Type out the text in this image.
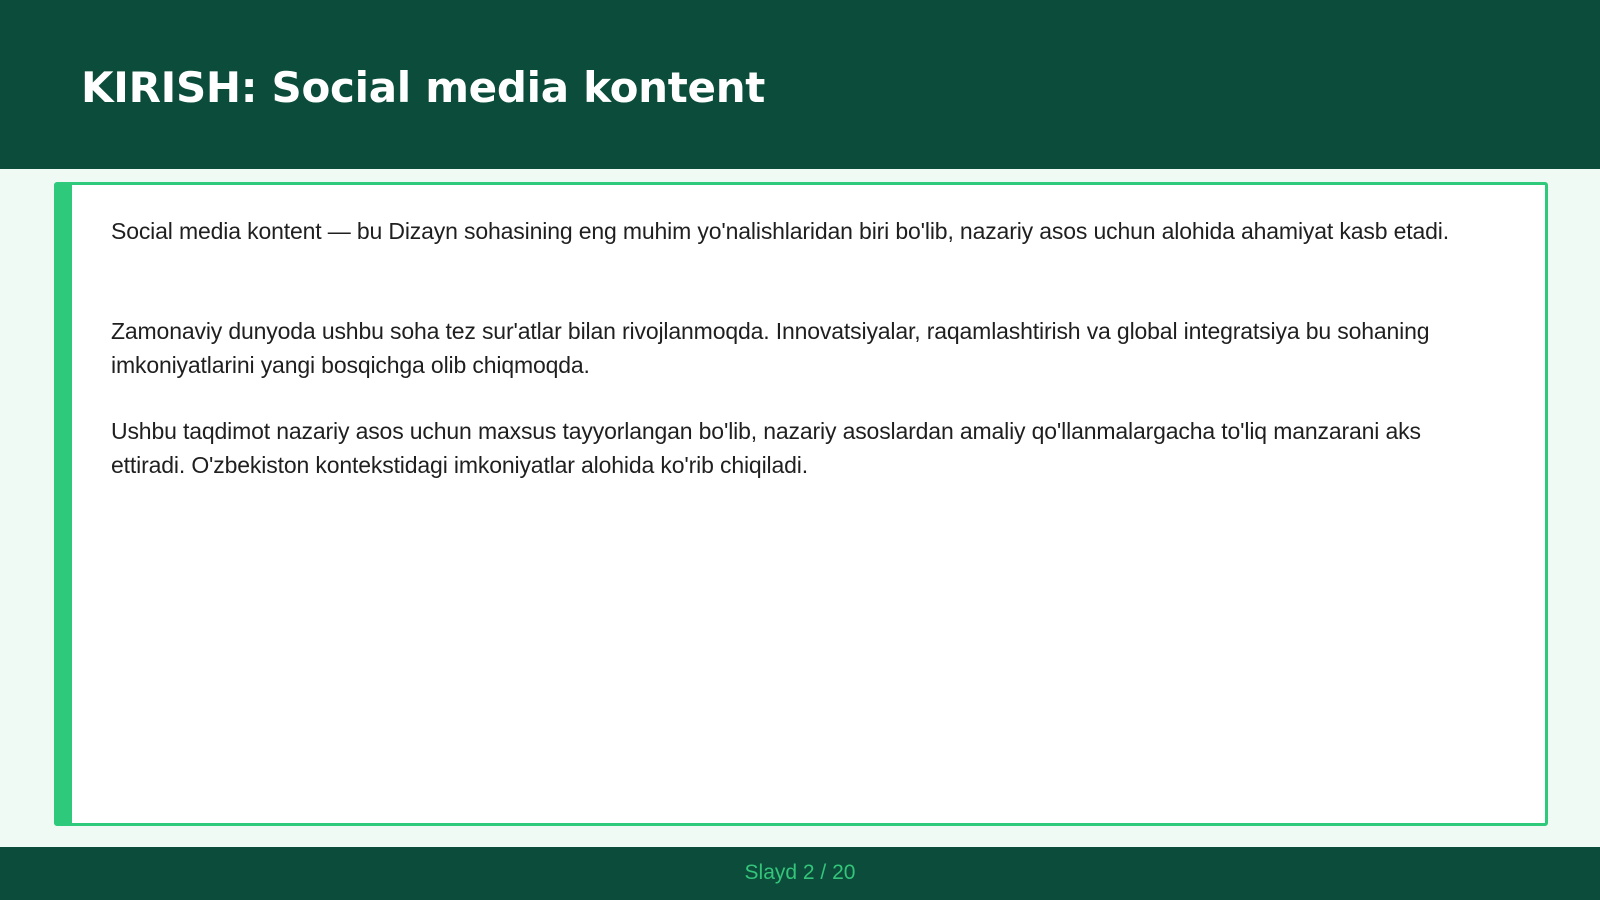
KIRISH: Social media kontent

Social media kontent — bu Dizayn sohasining eng muhim yo'nalishlaridan biri bo'lib, nazariy asos uchun alohida ahamiyat kasb etadi.

Zamonaviy dunyoda ushbu soha tez sur'atlar bilan rivojlanmoqda. Innovatsiyalar, raqamlashtirish va global integratsiya bu sohaning imkoniyatlarini yangi bosqichga olib chiqmoqda.

Ushbu taqdimot nazariy asos uchun maxsus tayyorlangan bo'lib, nazariy asoslardan amaliy qo'llanmalargacha to'liq manzarani aks ettiradi. O'zbekiston kontekstidagi imkoniyatlar alohida ko'rib chiqiladi.

Slayd 2 / 20
